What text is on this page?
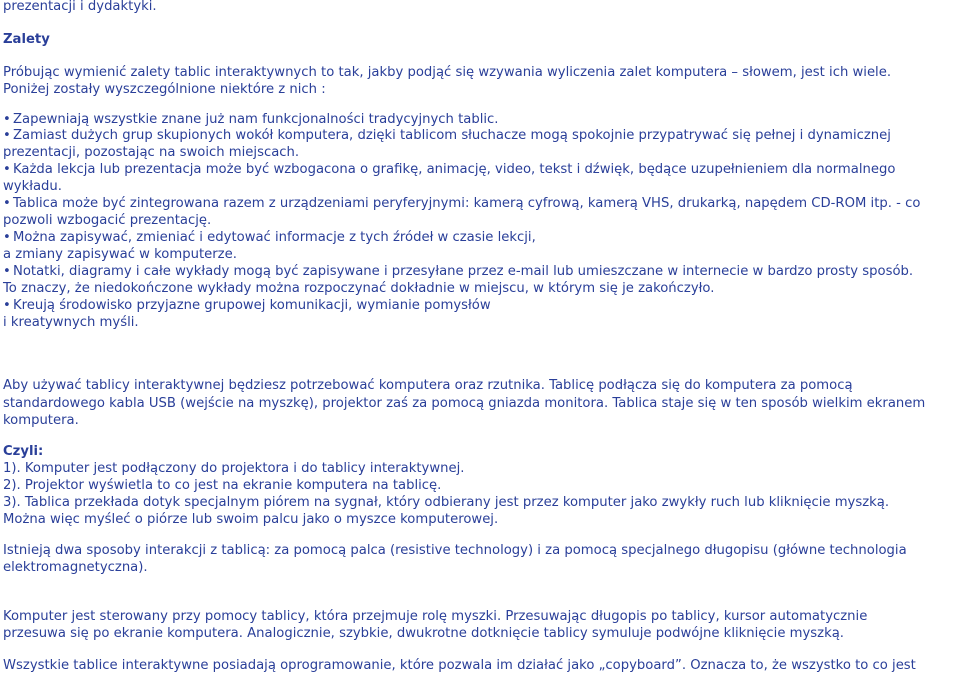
prezentacji i dydaktyki.
Zalety
Próbując wymienić zalety tablic interaktywnych to tak, jakby podjąć się wzywania wyliczenia zalet komputera – słowem, jest ich wiele.
Poniżej zostały wyszczególnione niektóre z nich :
• Zapewniają wszystkie znane już nam funkcjonalności tradycyjnych tablic.
• Zamiast dużych grup skupionych wokół komputera, dzięki tablicom słuchacze mogą spokojnie przypatrywać się pełnej i dynamicznej
prezentacji, pozostając na swoich miejscach.
• Każda lekcja lub prezentacja może być wzbogacona o grafikę, animację, video, tekst i dźwięk, będące uzupełnieniem dla normalnego
wykładu.
• Tablica może być zintegrowana razem z urządzeniami peryferyjnymi: kamerą cyfrową, kamerą VHS, drukarką, napędem CD-ROM itp. - co
pozwoli wzbogacić prezentację.
• Można zapisywać, zmieniać i edytować informacje z tych źródeł w czasie lekcji,
a zmiany zapisywać w komputerze.
• Notatki, diagramy i całe wykłady mogą być zapisywane i przesyłane przez e-mail lub umieszczane w internecie w bardzo prosty sposób.
To znaczy, że niedokończone wykłady można rozpoczynać dokładnie w miejscu, w którym się je zakończyło.
• Kreują środowisko przyjazne grupowej komunikacji, wymianie pomysłów
i kreatywnych myśli.
Aby używać tablicy interaktywnej będziesz potrzebować komputera oraz rzutnika. Tablicę podłącza się do komputera za pomocą
standardowego kabla USB (wejście na myszkę), projektor zaś za pomocą gniazda monitora. Tablica staje się w ten sposób wielkim ekranem
komputera.
Czyli:
1). Komputer jest podłączony do projektora i do tablicy interaktywnej.
2). Projektor wyświetla to co jest na ekranie komputera na tablicę.
3). Tablica przekłada dotyk specjalnym piórem na sygnał, który odbierany jest przez komputer jako zwykły ruch lub kliknięcie myszką.
Można więc myśleć o piórze lub swoim palcu jako o myszce komputerowej.
Istnieją dwa sposoby interakcji z tablicą: za pomocą palca (resistive technology) i za pomocą specjalnego długopisu (główne technologia
elektromagnetyczna).
Komputer jest sterowany przy pomocy tablicy, która przejmuje rolę myszki. Przesuwając długopis po tablicy, kursor automatycznie
przesuwa się po ekranie komputera. Analogicznie, szybkie, dwukrotne dotknięcie tablicy symuluje podwójne kliknięcie myszką.
Wszystkie tablice interaktywne posiadają oprogramowanie, które pozwala im działać jako „copyboard”. Oznacza to, że wszystko to co jest
